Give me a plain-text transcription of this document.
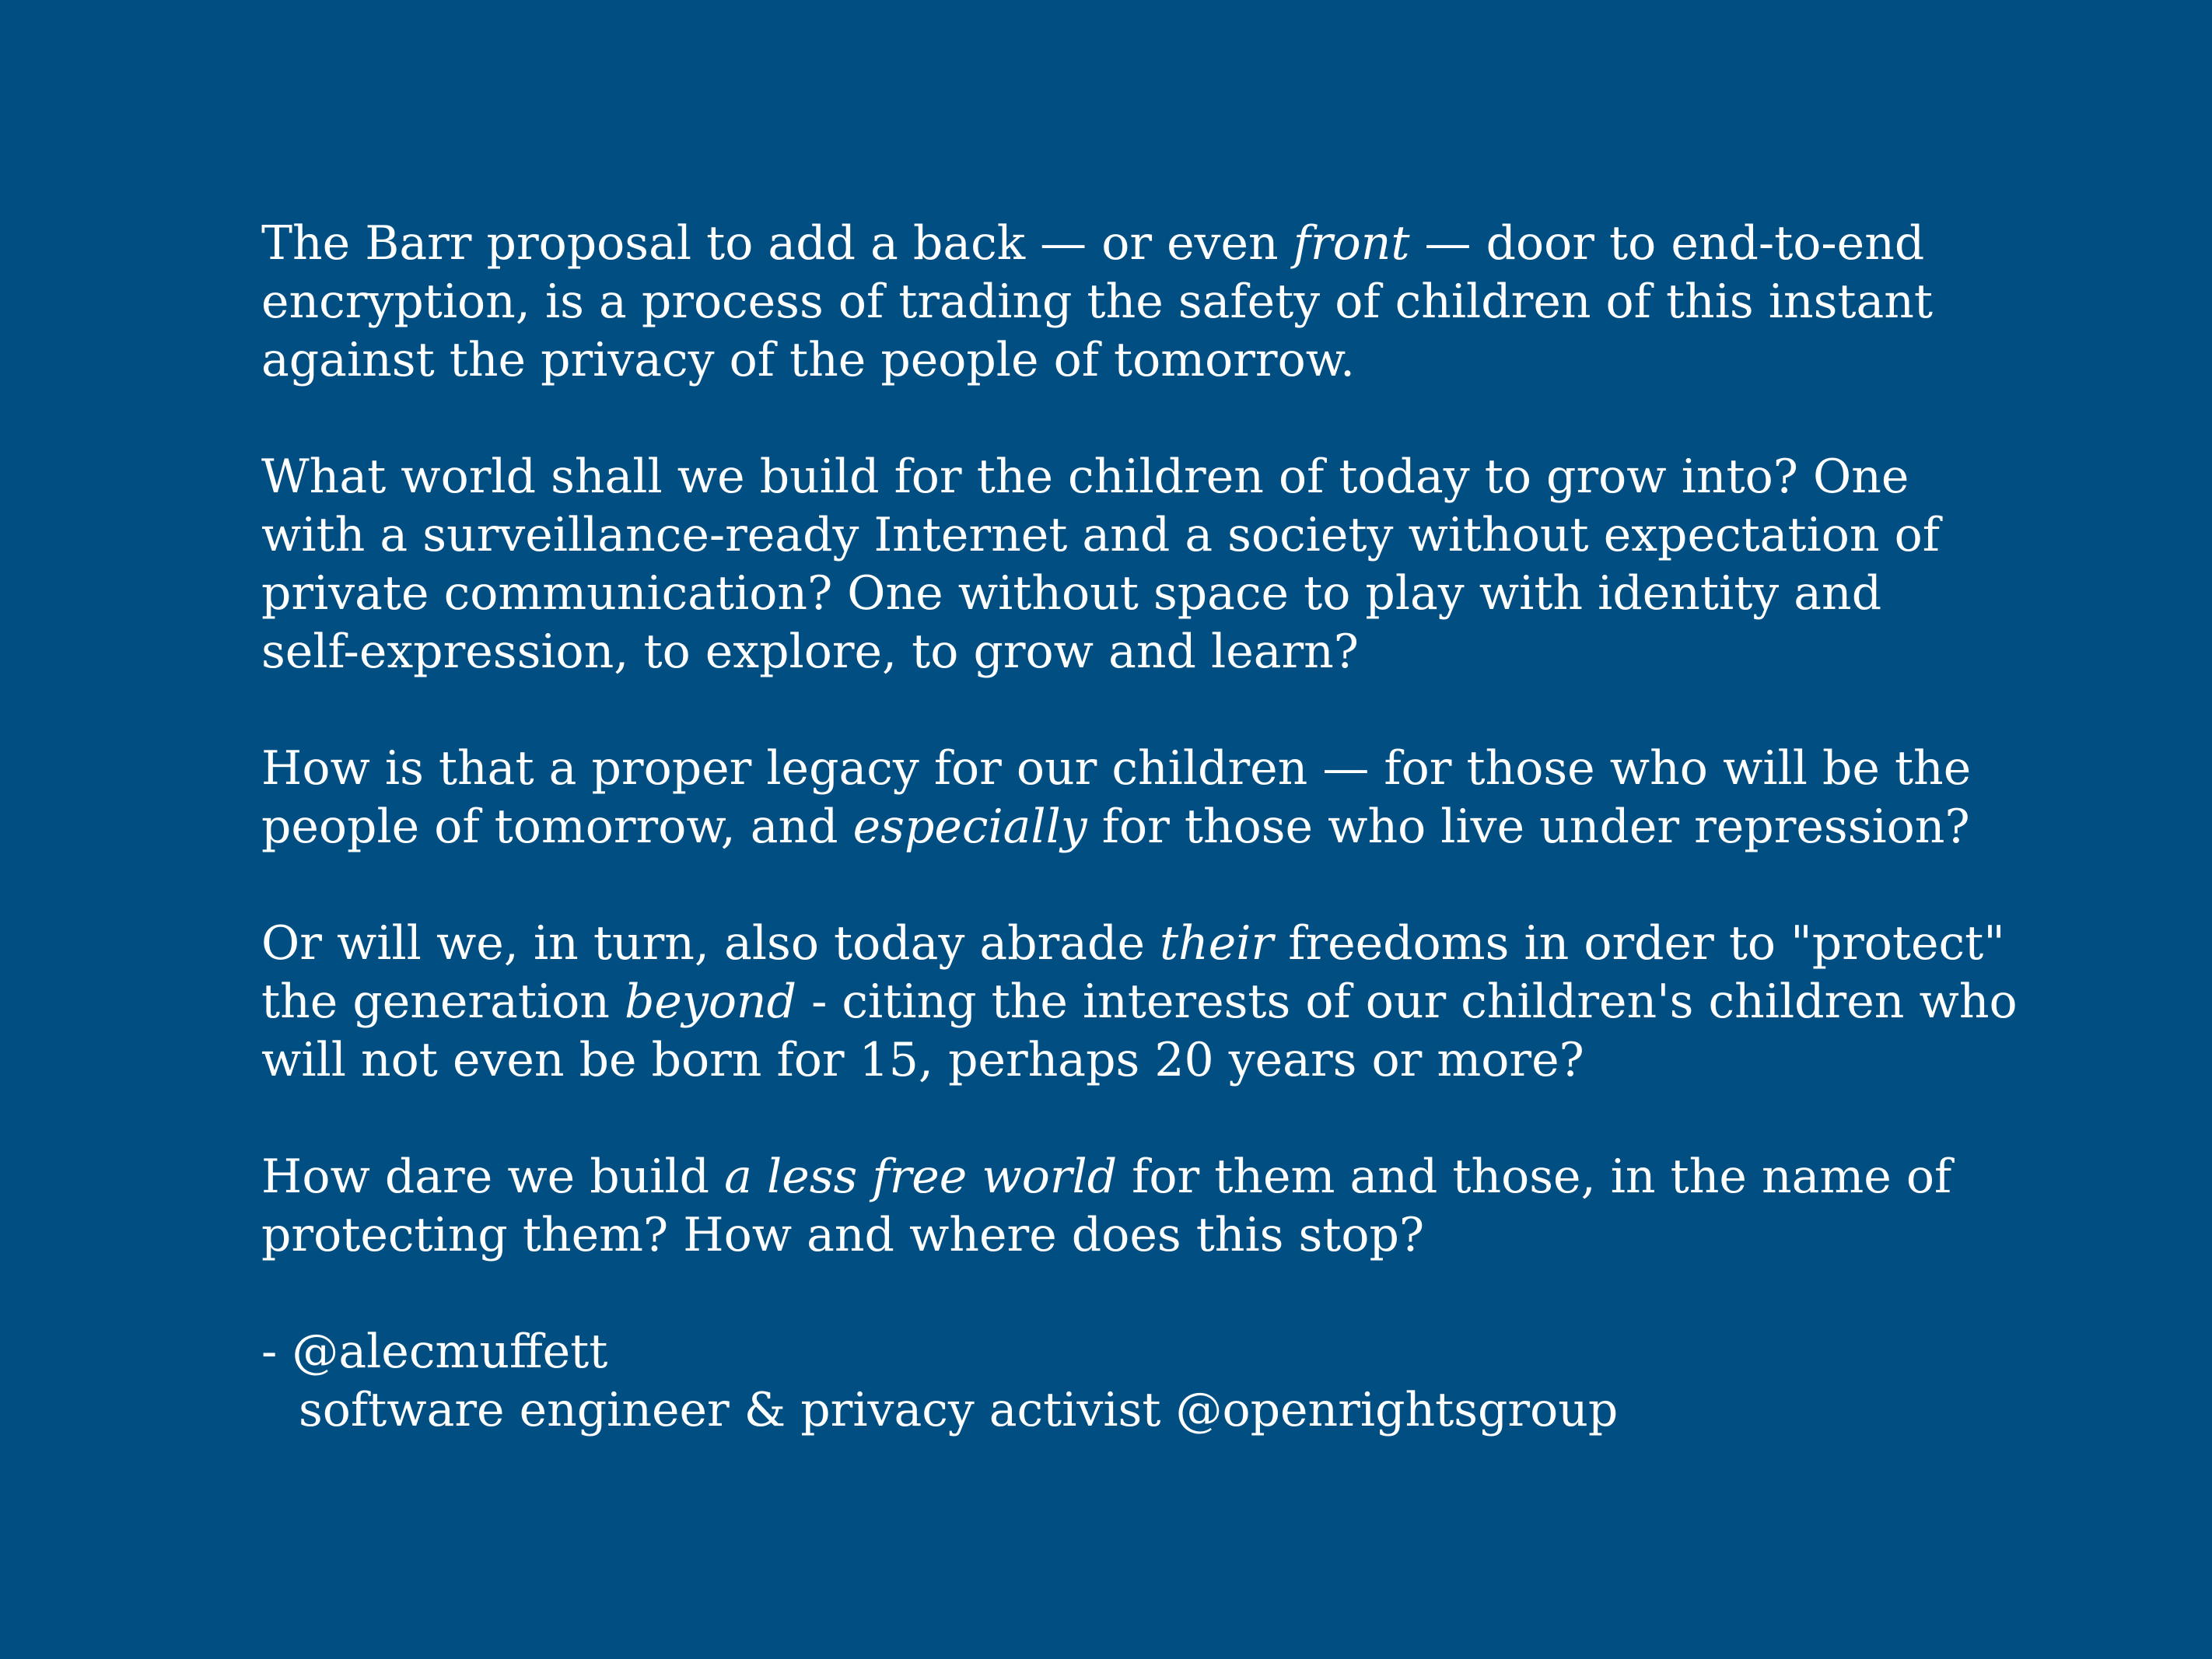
The Barr proposal to add a back — or even front — door to end-to-end
encryption, is a process of trading the safety of children of this instant
against the privacy of the people of tomorrow.

What world shall we build for the children of today to grow into? One
with a surveillance-ready Internet and a society without expectation of
private communication? One without space to play with identity and
self-expression, to explore, to grow and learn?

How is that a proper legacy for our children — for those who will be the
people of tomorrow, and especially for those who live under repression?

Or will we, in turn, also today abrade their freedoms in order to "protect"
the generation beyond - citing the interests of our children's children who
will not even be born for 15, perhaps 20 years or more?

How dare we build a less free world for them and those, in the name of
protecting them? How and where does this stop?

- @alecmuffett
software engineer & privacy activist @openrightsgroup
